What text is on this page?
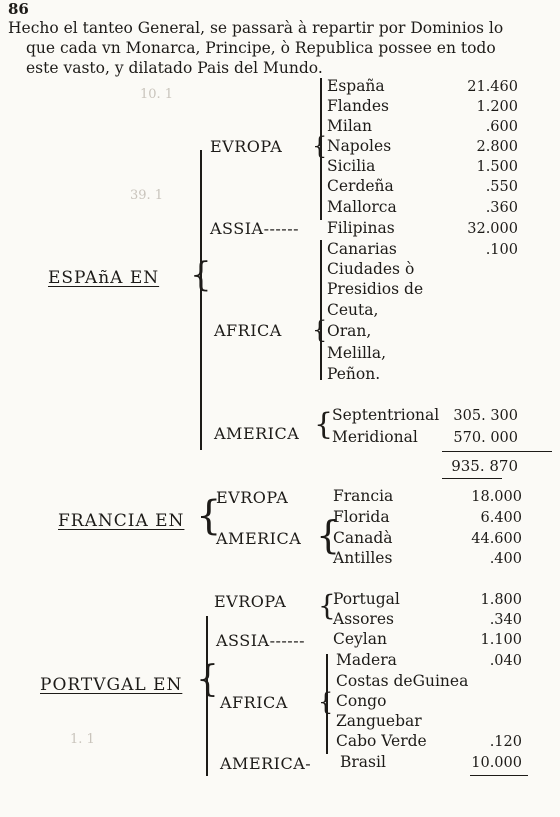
86
Hecho el tanteo General, se passarà à repartir por Dominios lo
que cada vn Monarca, Principe, ò Republica possee en todo
este vasto, y dilatado Pais del Mundo.
10. 1
39. 1
1. 1
ESPAñA EN {
EVROPA {
España	21.460
Flandes	1.200
Milan	.600
Napoles	2.800
Sicilia	1.500
Cerdeña	.550
Mallorca	.360
ASSIA------ Filipinas	32.000
AFRICA {
Canarias	.100
Ciudades ò
Presidios de
Ceuta,
Oran,
Melilla,
Peñon.
AMERICA {
Septentrional 305. 300
Meridional	570. 000
935. 870
FRANCIA EN {
EVROPA	Francia	18.000
AMERICA {
Florida	6.400
Canadà	44.600
Antilles	.400
PORTVGAL EN {
EVROPA {
Portugal	1.800
Assores	.340
ASSIA------ Ceylan	1.100
AFRICA {
Madera	.040
Costas deGuinea
Congo
Zanguebar
Cabo Verde	.120
AMERICA- Brasil	10.000
